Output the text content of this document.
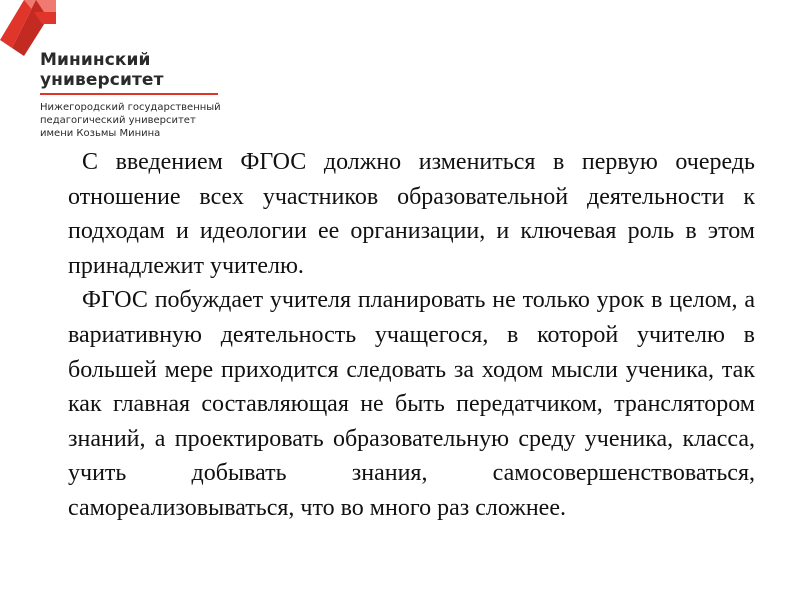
Мининский
университет
Нижегородский государственный
педагогический университет
имени Козьмы Минина

С введением ФГОС должно измениться в первую очередь отношение всех участников образовательной деятельности к подходам и идеологии ее организации, и ключевая роль в этом принадлежит учителю.

ФГОС побуждает учителя планировать не только урок в целом, а вариативную деятельность учащегося, в которой учителю в большей мере приходится следовать за ходом мысли ученика, так как главная составляющая не быть передатчиком, транслятором знаний, а проектировать образовательную среду ученика, класса, учить добывать знания, самосовершенствоваться, самореализовываться, что во много раз сложнее.
